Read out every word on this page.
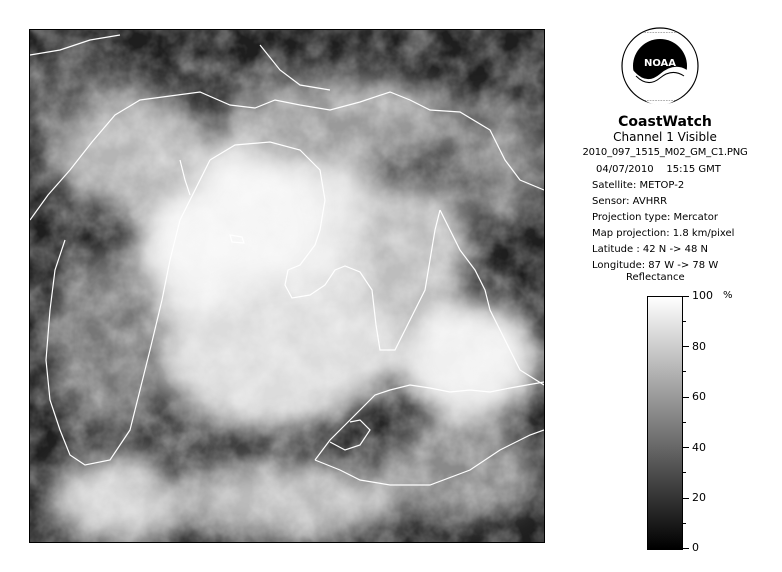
·····················
·····················
NOAA
CoastWatch
Channel 1 Visible
2010_097_1515_M02_GM_C1.PNG
04/07/2010 15:15 GMT
Satellite: METOP-2
Sensor: AVHRR
Projection type: Mercator
Map projection: 1.8 km/pixel
Latitude : 42 N -> 48 N
Longitude: 87 W -> 78 W
Reflectance
%
100
80
60
40
20
0
